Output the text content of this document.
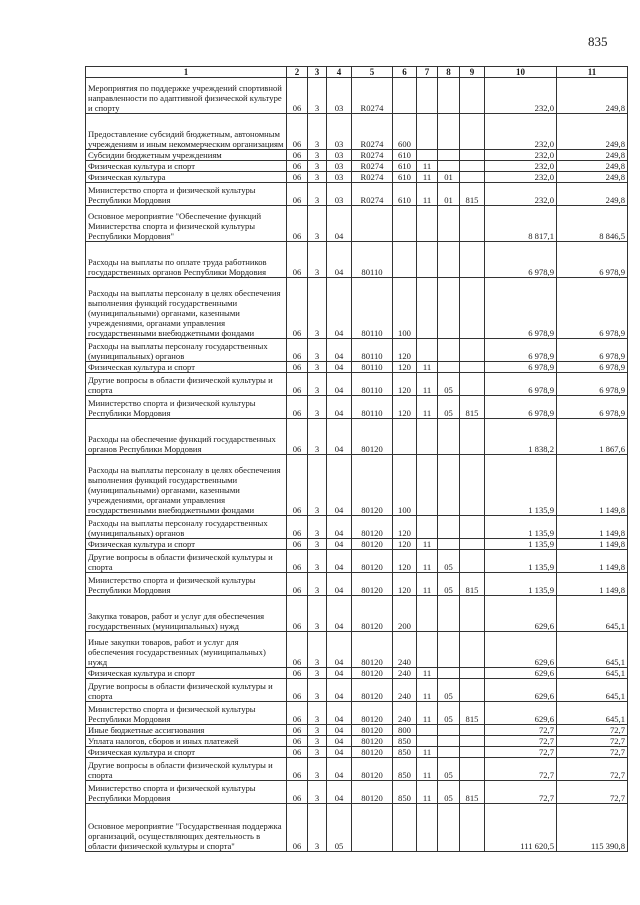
835
1	2	3	4	5	6	7	8	9	10	11
Мероприятия по поддержке учреждений спортивной направленности по адаптивной физической культуре и спорту	06	3	03	R0274					232,0	249,8
Предоставление субсидий бюджетным, автономным учреждениям и иным некоммерческим организациям	06	3	03	R0274	600				232,0	249,8
Субсидии бюджетным учреждениям	06	3	03	R0274	610				232,0	249,8
Физическая культура и спорт	06	3	03	R0274	610	11			232,0	249,8
Физическая культура	06	3	03	R0274	610	11	01		232,0	249,8
Министерство спорта и физической культуры Республики Мордовия	06	3	03	R0274	610	11	01	815	232,0	249,8
Основное мероприятие "Обеспечение функций Министерства спорта и физической культуры Республики Мордовия"	06	3	04						8 817,1	8 846,5
Расходы на выплаты по оплате труда работников государственных органов Республики Мордовия	06	3	04	80110					6 978,9	6 978,9
Расходы на выплаты персоналу в целях обеспечения выполнения функций государственными (муниципальными) органами, казенными учреждениями, органами управления государственными внебюджетными фондами	06	3	04	80110	100				6 978,9	6 978,9
Расходы на выплаты персоналу государственных (муниципальных) органов	06	3	04	80110	120				6 978,9	6 978,9
Физическая культура и спорт	06	3	04	80110	120	11			6 978,9	6 978,9
Другие вопросы в области физической культуры и спорта	06	3	04	80110	120	11	05		6 978,9	6 978,9
Министерство спорта и физической культуры Республики Мордовия	06	3	04	80110	120	11	05	815	6 978,9	6 978,9
Расходы на обеспечение функций государственных органов Республики Мордовия	06	3	04	80120					1 838,2	1 867,6
Расходы на выплаты персоналу в целях обеспечения выполнения функций государственными (муниципальными) органами, казенными учреждениями, органами управления государственными внебюджетными фондами	06	3	04	80120	100				1 135,9	1 149,8
Расходы на выплаты персоналу государственных (муниципальных) органов	06	3	04	80120	120				1 135,9	1 149,8
Физическая культура и спорт	06	3	04	80120	120	11			1 135,9	1 149,8
Другие вопросы в области физической культуры и спорта	06	3	04	80120	120	11	05		1 135,9	1 149,8
Министерство спорта и физической культуры Республики Мордовия	06	3	04	80120	120	11	05	815	1 135,9	1 149,8
Закупка товаров, работ и услуг для обеспечения государственных (муниципальных) нужд	06	3	04	80120	200				629,6	645,1
Иные закупки товаров, работ и услуг для обеспечения государственных (муниципальных) нужд	06	3	04	80120	240				629,6	645,1
Физическая культура и спорт	06	3	04	80120	240	11			629,6	645,1
Другие вопросы в области физической культуры и спорта	06	3	04	80120	240	11	05		629,6	645,1
Министерство спорта и физической культуры Республики Мордовия	06	3	04	80120	240	11	05	815	629,6	645,1
Иные бюджетные ассигнования	06	3	04	80120	800				72,7	72,7
Уплата налогов, сборов и иных платежей	06	3	04	80120	850				72,7	72,7
Физическая культура и спорт	06	3	04	80120	850	11			72,7	72,7
Другие вопросы в области физической культуры и спорта	06	3	04	80120	850	11	05		72,7	72,7
Министерство спорта и физической культуры Республики Мордовия	06	3	04	80120	850	11	05	815	72,7	72,7
Основное мероприятие "Государственная поддержка организаций, осуществляющих деятельность в области физической культуры и спорта"	06	3	05						111 620,5	115 390,8
